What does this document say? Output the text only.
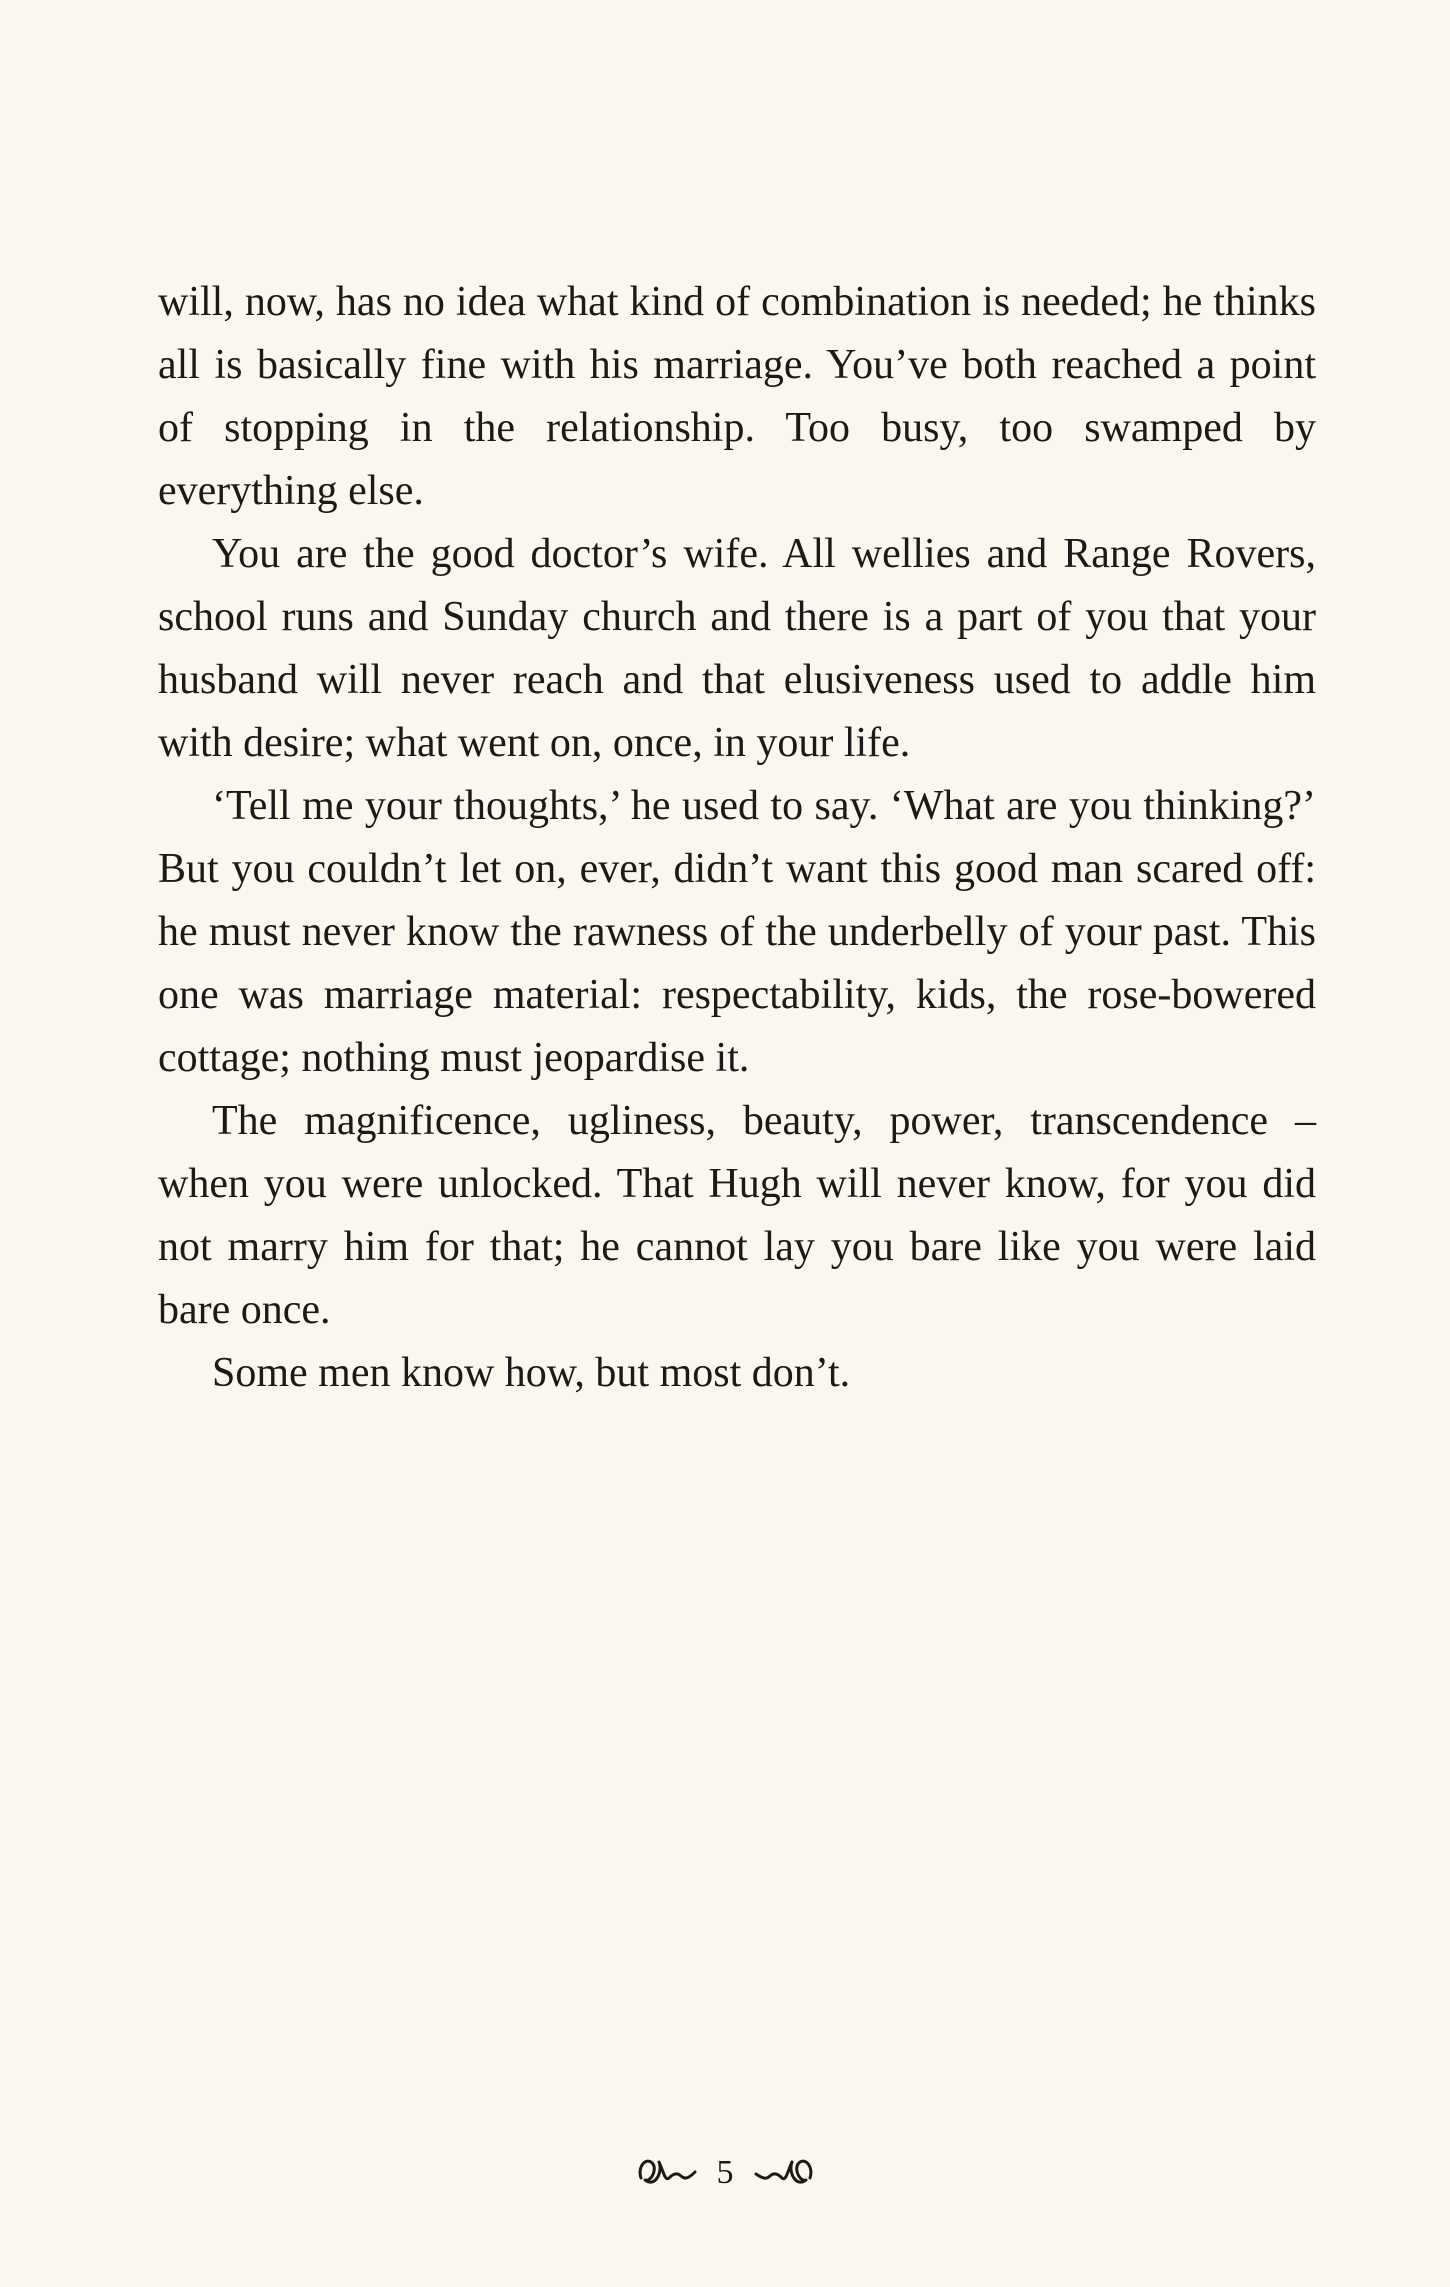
will, now, has no idea what kind of combination is needed; he thinks all is basically fine with his marriage. You’ve both reached a point of stopping in the relationship. Too busy, too swamped by everything else.

You are the good doctor’s wife. All wellies and Range Rovers, school runs and Sunday church and there is a part of you that your husband will never reach and that elusiveness used to addle him with desire; what went on, once, in your life.

‘Tell me your thoughts,’ he used to say. ‘What are you thinking?’ But you couldn’t let on, ever, didn’t want this good man scared off: he must never know the rawness of the underbelly of your past. This one was marriage material: respectability, kids, the rose-bowered cottage; nothing must jeopardise it.

The magnificence, ugliness, beauty, power, transcendence – when you were unlocked. That Hugh will never know, for you did not marry him for that; he cannot lay you bare like you were laid bare once.

Some men know how, but most don’t.

5
